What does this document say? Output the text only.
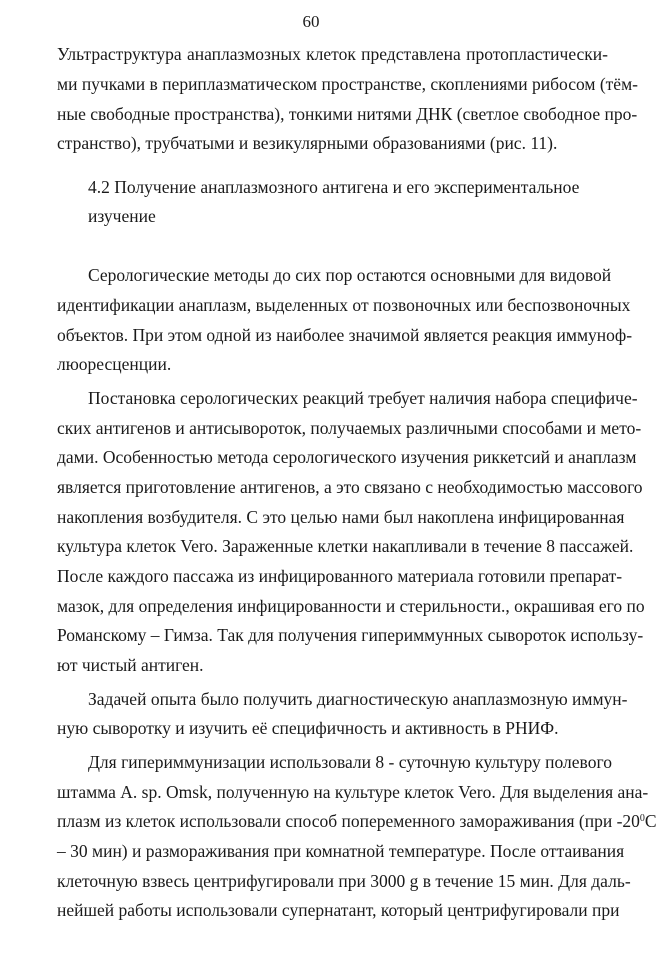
60
Ультраструктура анаплазмозных клеток представлена протопластически-
ми пучками в периплазматическом пространстве, скоплениями рибосом (тём-
ные свободные пространства), тонкими нитями ДНК (светлое свободное про-
странство), трубчатыми и везикулярными образованиями (рис. 11).
4.2 Получение анаплазмозного антигена и его экспериментальное
изучение
Серологические методы до сих пор остаются основными для видовой
идентификации анаплазм, выделенных от позвоночных или беспозвоночных
объектов. При этом одной из наиболее значимой является реакция иммуноф-
люоресценции.
Постановка серологических реакций требует наличия набора специфиче-
ских антигенов и антисывороток, получаемых различными способами и мето-
дами. Особенностью метода серологического изучения риккетсий и анаплазм
является приготовление антигенов, а это связано с необходимостью массового
накопления возбудителя. С это целью нами был накоплена инфицированная
культура клеток Vero. Зараженные клетки накапливали в течение 8 пассажей.
После каждого пассажа из инфицированного материала готовили препарат-
мазок, для определения инфицированности и стерильности., окрашивая его по
Романскому – Гимза. Так для получения гипериммунных сывороток использу-
ют чистый антиген.
Задачей опыта было получить диагностическую анаплазмозную иммун-
ную сыворотку и изучить её специфичность и активность в РНИФ.
Для гипериммунизации использовали 8 - суточную культуру полевого
штамма A. sp. Omsk, полученную на культуре клеток Vero. Для выделения ана-
плазм из клеток использовали способ попеременного замораживания (при $-20^0С$
– 30 мин) и размораживания при комнатной температуре. После оттаивания
клеточную взвесь центрифугировали при 3000 g в течение 15 мин. Для даль-
нейшей работы использовали супернатант, который центрифугировали при
